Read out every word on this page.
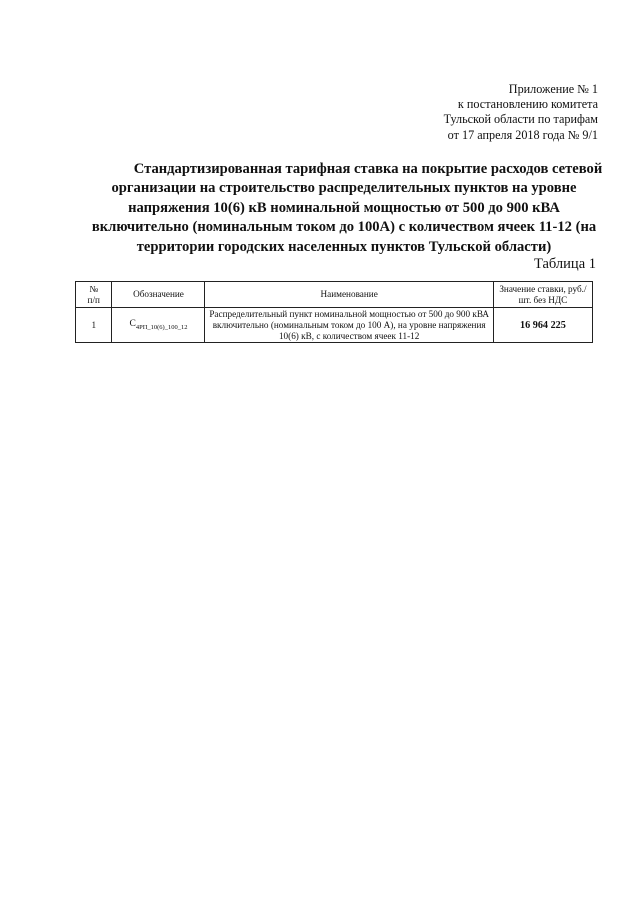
Приложение № 1
к постановлению комитета
Тульской области по тарифам
от 17 апреля 2018 года № 9/1
Стандартизированная тарифная ставка на покрытие расходов сетевой организации на строительство распределительных пунктов на уровне напряжения 10(6) кВ номинальной мощностью от 500 до 900 кВА включительно (номинальным током до 100А) с количеством ячеек 11-12 (на территории городских населенных пунктов Тульской области)
Таблица 1
№
п/п	Обозначение	Наименование	Значение ставки, руб./шт. без НДС
1	$С_{4РП\_10(6)\_100\_12}$	Распределительный пункт номинальной мощностью от 500 до 900 кВА включительно (номинальным током до 100 А), на уровне напряжения 10(6) кВ, с количеством ячеек 11-12	16 964 225
